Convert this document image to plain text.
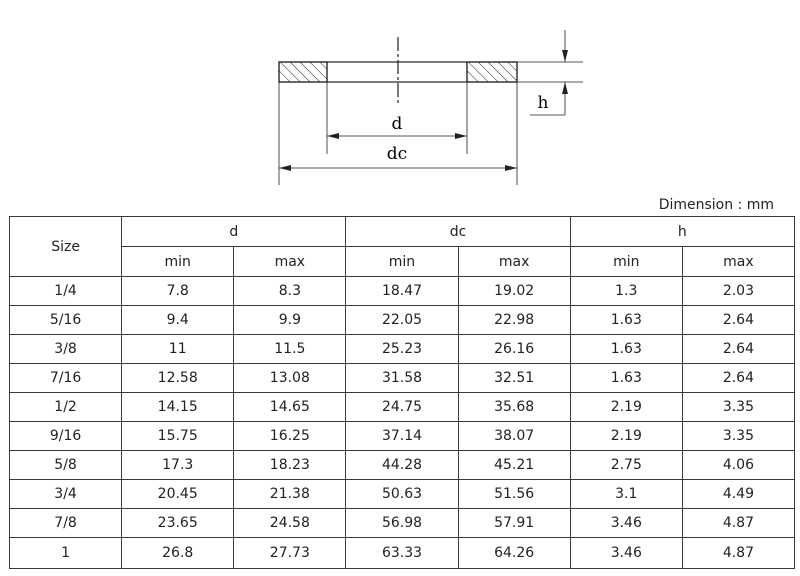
d
dc
h
Dimension : mm
Size	d		dc		h	
	min	max	min	max	min	max
1/4	7.8	8.3	18.47	19.02	1.3	2.03
5/16	9.4	9.9	22.05	22.98	1.63	2.64
3/8	11	11.5	25.23	26.16	1.63	2.64
7/16	12.58	13.08	31.58	32.51	1.63	2.64
1/2	14.15	14.65	24.75	35.68	2.19	3.35
9/16	15.75	16.25	37.14	38.07	2.19	3.35
5/8	17.3	18.23	44.28	45.21	2.75	4.06
3/4	20.45	21.38	50.63	51.56	3.1	4.49
7/8	23.65	24.58	56.98	57.91	3.46	4.87
1	26.8	27.73	63.33	64.26	3.46	4.87
